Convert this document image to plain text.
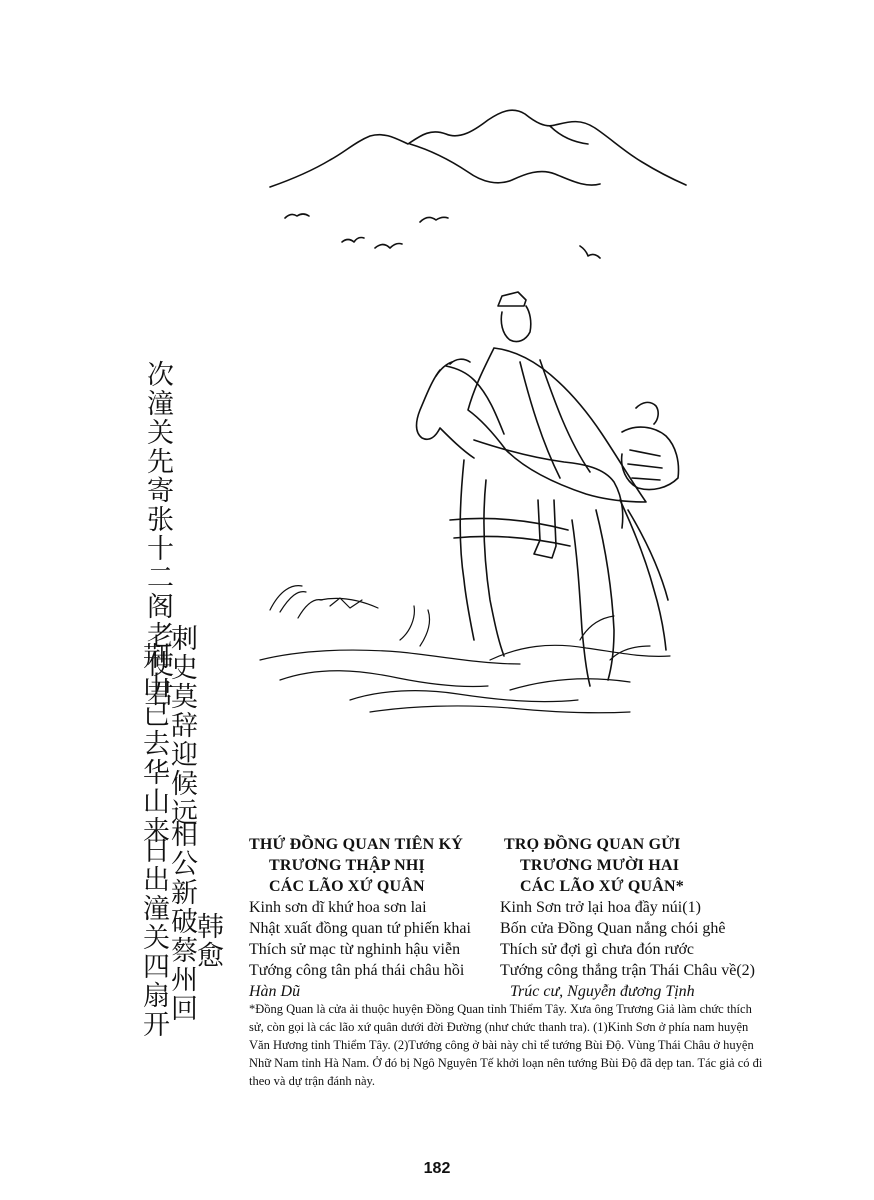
次潼关先寄张十二阁老使君
荆山已去华山来
刺史莫辞迎候远
日出潼关四扇开
相公新破蔡州回
韩愈
THỨ ĐỒNG QUAN TIÊN KÝ
TRƯƠNG THẬP NHỊ
CÁC LÃO XỨ QUÂN
Kinh sơn dĩ khứ hoa sơn lai
Nhật xuất đồng quan tứ phiến khai
Thích sử mạc từ nghinh hậu viễn
Tướng công tân phá thái châu hồi
Hàn Dũ
TRỌ ĐỒNG QUAN GỬI
TRƯƠNG MƯỜI HAI
CÁC LÃO XỨ QUÂN*
Kinh Sơn trở lại hoa đầy núi(1)
Bốn cửa Đồng Quan nắng chói ghê
Thích sử đợi gì chưa đón rước
Tướng công thắng trận Thái Châu về(2)
Trúc cư, Nguyễn đương Tịnh
*Đồng Quan là cửa ải thuộc huyện Đồng Quan tỉnh Thiểm Tây. Xưa ông Trương Giả làm chức thích sử, còn gọi là các lão xứ quân dưới đời Đường (như chức thanh tra). (1)Kinh Sơn ở phía nam huyện Văn Hương tỉnh Thiểm Tây. (2)Tướng công ở bài này chỉ tể tướng Bùi Độ. Vùng Thái Châu ở huyện Nhữ Nam tỉnh Hà Nam. Ở đó bị Ngô Nguyên Tế khởi loạn nên tướng Bùi Độ đã dẹp tan. Tác giả có đi theo và dự trận đánh này.
182
